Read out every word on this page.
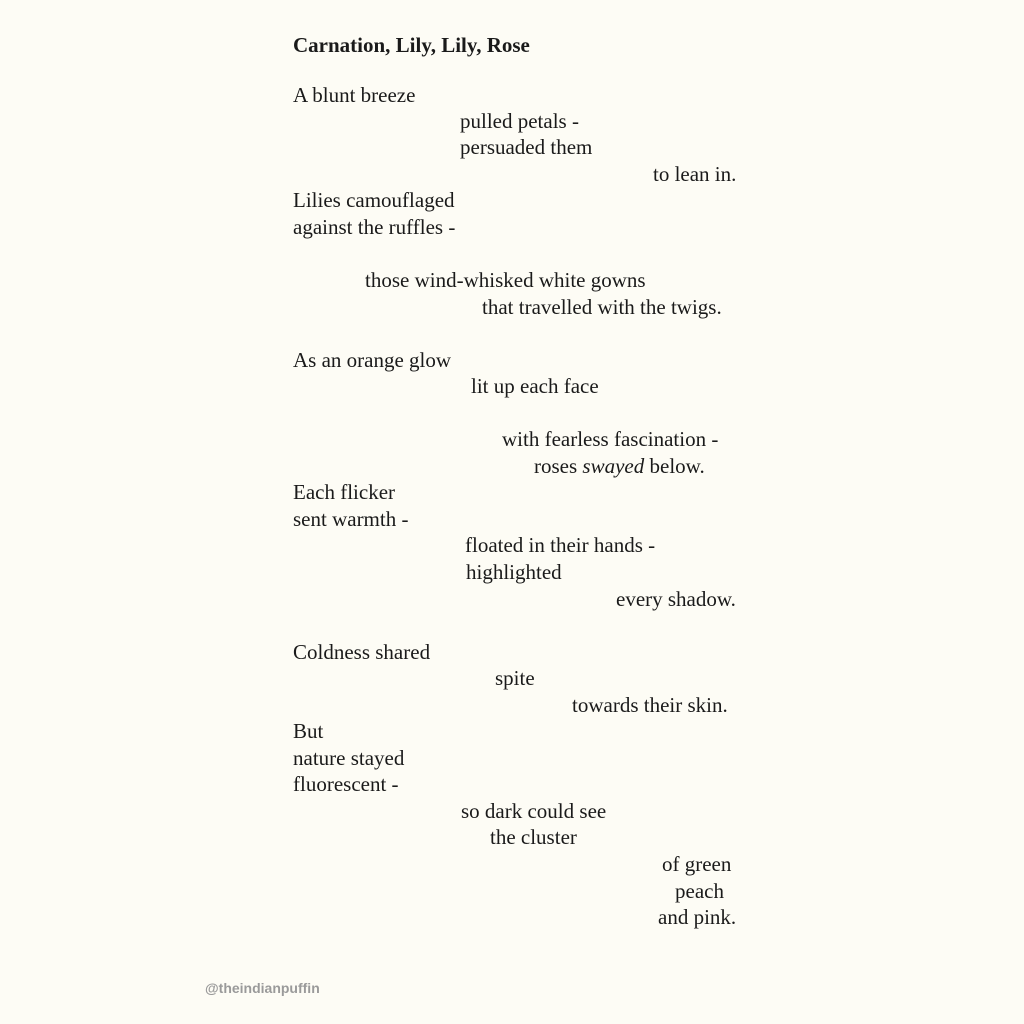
Carnation, Lily, Lily, Rose
A blunt breeze
pulled petals -
persuaded them
to lean in.
Lilies camouflaged
against the ruffles -
those wind-whisked white gowns
that travelled with the twigs.
As an orange glow
lit up each face
with fearless fascination -
roses swayed below.
Each flicker
sent warmth -
floated in their hands -
highlighted
every shadow.
Coldness shared
spite
towards their skin.
But
nature stayed
fluorescent -
so dark could see
the cluster
of green
peach
and pink.
@theindianpuffin
